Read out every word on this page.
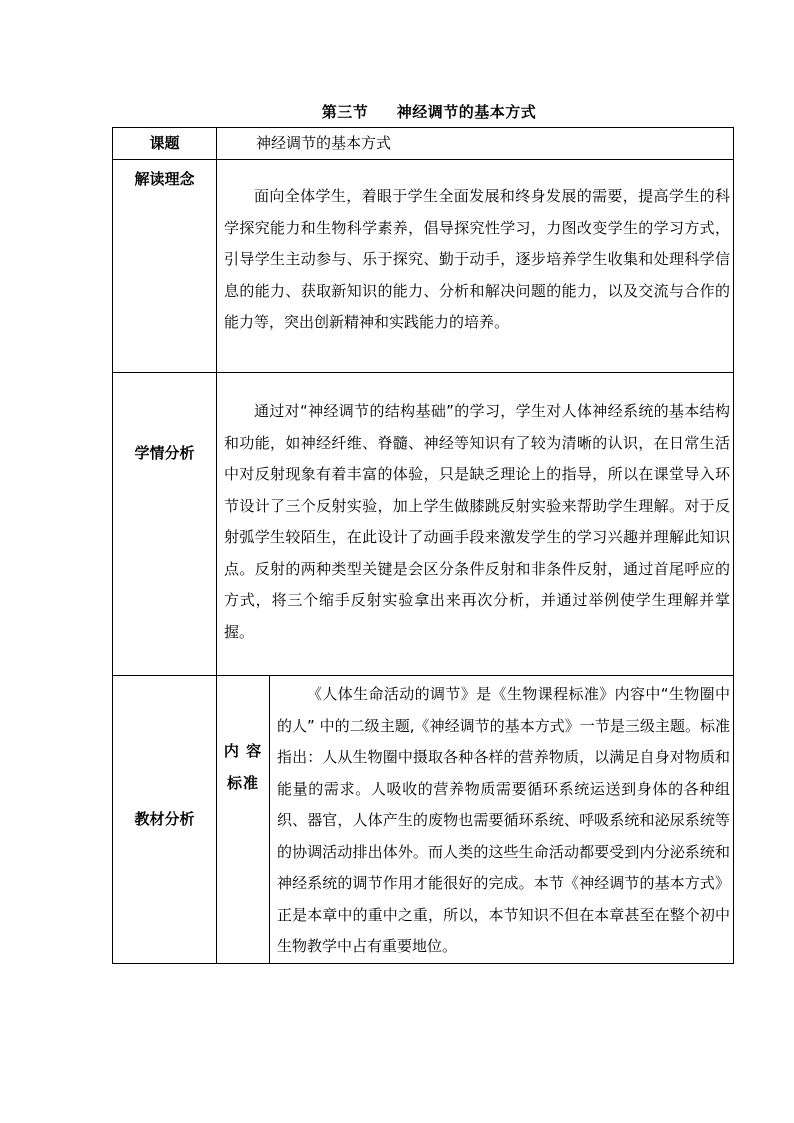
第三节     神经调节的基本方式
课题	神经调节的基本方式	
解读理念	面向全体学生，着眼于学生全面发展和终身发展的需要，提高学生的科学探究能力和生物科学素养，倡导探究性学习，力图改变学生的学习方式，引导学生主动参与、乐于探究、勤于动手，逐步培养学生收集和处理科学信息的能力、获取新知识的能力、分析和解决问题的能力，以及交流与合作的能力等，突出创新精神和实践能力的培养。	

学情分析	通过对“神经调节的结构基础”的学习，学生对人体神经系统的基本结构和功能，如神经纤维、脊髓、神经等知识有了较为清晰的认识，在日常生活中对反射现象有着丰富的体验，只是缺乏理论上的指导，所以在课堂导入环节设计了三个反射实验，加上学生做膝跳反射实验来帮助学生理解。对于反射弧学生较陌生，在此设计了动画手段来激发学生的学习兴趣并理解此知识点。反射的两种类型关键是会区分条件反射和非条件反射，通过首尾呼应的方式，将三个缩手反射实验拿出来再次分析，并通过举例使学生理解并掌握。	

教材分析	内 容标准	《人体生命活动的调节》是《生物课程标准》内容中“生物圈中的人” 中的二级主题,《神经调节的基本方式》一节是三级主题。标准指出：人从生物圈中摄取各种各样的营养物质，以满足自身对物质和能量的需求。人吸收的营养物质需要循环系统运送到身体的各种组织、器官，人体产生的废物也需要循环系统、呼吸系统和泌尿系统等的协调活动排出体外。而人类的这些生命活动都要受到内分泌系统和神经系统的调节作用才能很好的完成。本节《神经调节的基本方式》正是本章中的重中之重，所以，本节知识不但在本章甚至在整个初中生物教学中占有重要地位。
